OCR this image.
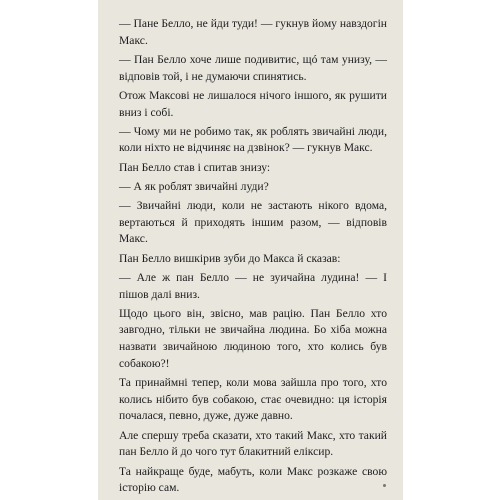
— Пане Белло, не йди туди! — гукнув йому навздогін Макс.

— Пан Белло хоче лише подивитис, щó там унизу, — відповів той, і не думаючи спинятись.

Отож Максові не лишалося нічого іншого, як рушити вниз і собі.

— Чому ми не робимо так, як роблять звичайні люди, коли ніхто не відчиняє на дзвінок? — гукнув Макс.

Пан Белло став і спитав знизу:

— А як роблят звичайні луди?

— Звичайні люди, коли не застають нікого вдома, вертаються й приходять іншим разом, — відповів Макс.

Пан Белло вишкірив зуби до Макса й сказав:

— Але ж пан Белло — не зуичайна лудина! — І пішов далі вниз.

Щодо цього він, звісно, мав рацію. Пан Белло хто завгодно, тільки не звичайна людина. Бо хіба можна назвати звичайною людиною того, хто колись був собакою?!

Та принаймні тепер, коли мова зайшла про того, хто колись нібито був собакою, стає очевидно: ця історія почалася, певно, дуже, дуже давно.

Але спершу треба сказати, хто такий Макс, хто такий пан Белло й до чого тут блакитний еліксир.

Та найкраще буде, мабуть, коли Макс розкаже свою історію сам.
